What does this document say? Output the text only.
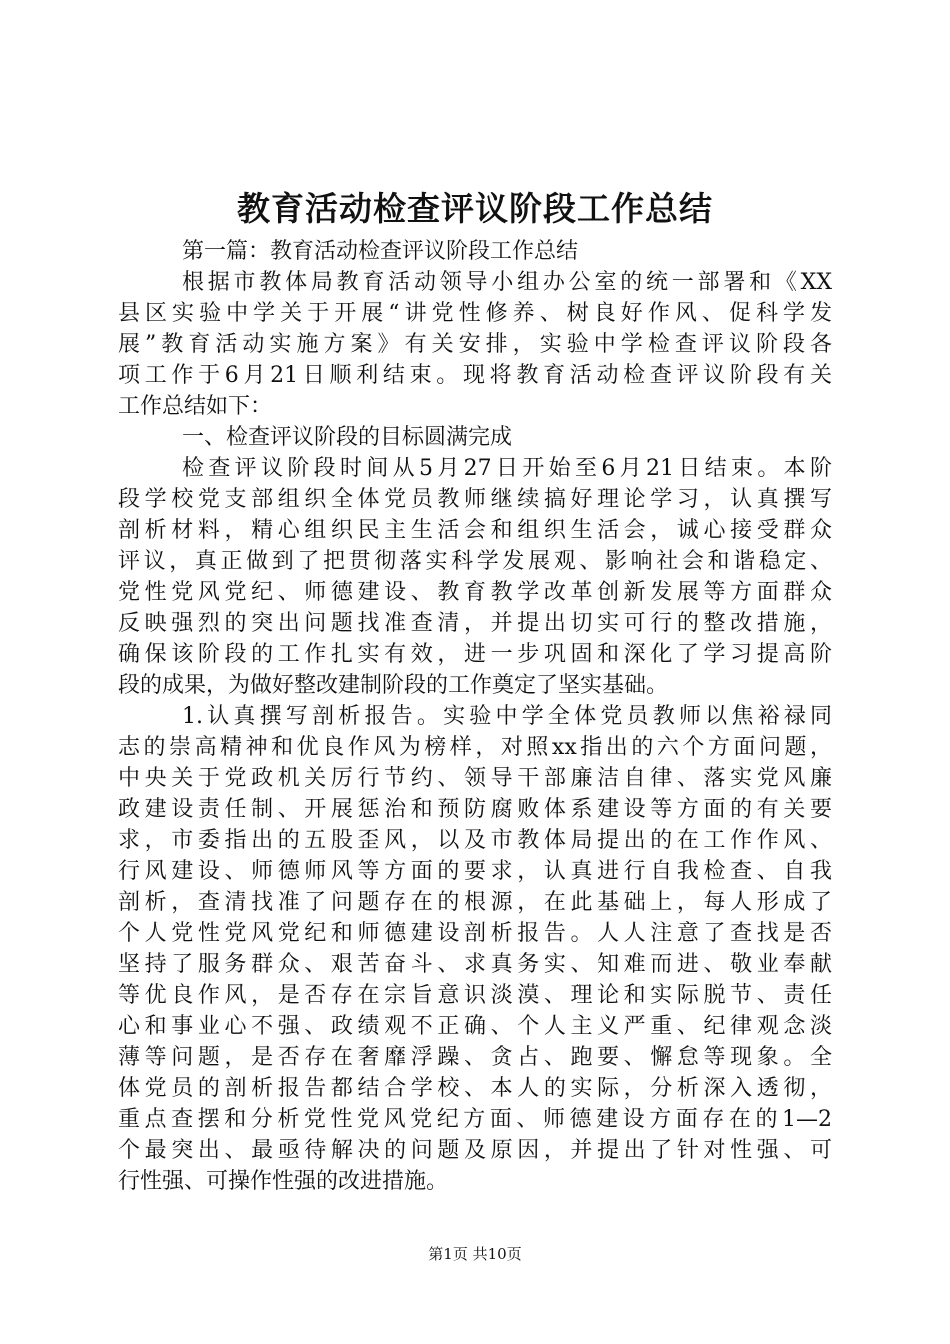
教育活动检查评议阶段工作总结
第一篇：教育活动检查评议阶段工作总结
根据市教体局教育活动领导小组办公室的统一部署和《XX
县区实验中学关于开展“讲党性修养、树良好作风、促科学发
展”教育活动实施方案》有关安排，实验中学检查评议阶段各
项工作于6月21日顺利结束。现将教育活动检查评议阶段有关
工作总结如下：
一、检查评议阶段的目标圆满完成
检查评议阶段时间从5月27日开始至6月21日结束。本阶
段学校党支部组织全体党员教师继续搞好理论学习，认真撰写
剖析材料，精心组织民主生活会和组织生活会，诚心接受群众
评议，真正做到了把贯彻落实科学发展观、影响社会和谐稳定、
党性党风党纪、师德建设、教育教学改革创新发展等方面群众
反映强烈的突出问题找准查清，并提出切实可行的整改措施，
确保该阶段的工作扎实有效，进一步巩固和深化了学习提高阶
段的成果，为做好整改建制阶段的工作奠定了坚实基础。
1.认真撰写剖析报告。实验中学全体党员教师以焦裕禄同
志的崇高精神和优良作风为榜样，对照xx指出的六个方面问题，
中央关于党政机关厉行节约、领导干部廉洁自律、落实党风廉
政建设责任制、开展惩治和预防腐败体系建设等方面的有关要
求，市委指出的五股歪风，以及市教体局提出的在工作作风、
行风建设、师德师风等方面的要求，认真进行自我检查、自我
剖析，查清找准了问题存在的根源，在此基础上，每人形成了
个人党性党风党纪和师德建设剖析报告。人人注意了查找是否
坚持了服务群众、艰苦奋斗、求真务实、知难而进、敬业奉献
等优良作风，是否存在宗旨意识淡漠、理论和实际脱节、责任
心和事业心不强、政绩观不正确、个人主义严重、纪律观念淡
薄等问题，是否存在奢靡浮躁、贪占、跑要、懈怠等现象。全
体党员的剖析报告都结合学校、本人的实际，分析深入透彻，
重点查摆和分析党性党风党纪方面、师德建设方面存在的1—2
个最突出、最亟待解决的问题及原因，并提出了针对性强、可
行性强、可操作性强的改进措施。
第1页 共10页
